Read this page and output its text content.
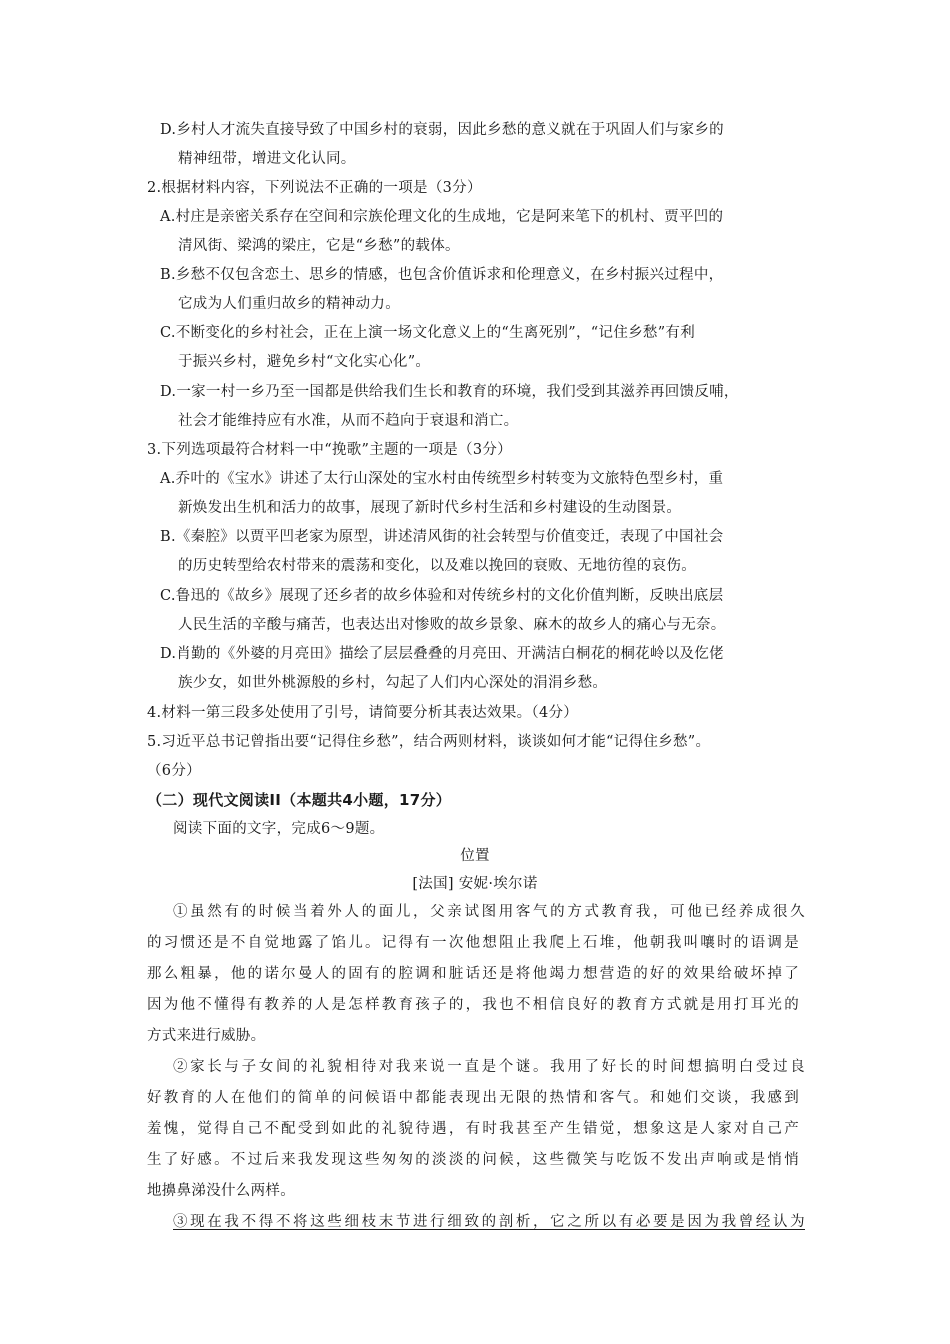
D.乡村人才流失直接导致了中国乡村的衰弱，因此乡愁的意义就在于巩固人们与家乡的
精神纽带，增进文化认同。
2.根据材料内容，下列说法不正确的一项是（3分）
A.村庄是亲密关系存在空间和宗族伦理文化的生成地，它是阿来笔下的机村、贾平凹的
清风街、梁鸿的梁庄，它是“乡愁”的载体。
B.乡愁不仅包含恋土、思乡的情感，也包含价值诉求和伦理意义，在乡村振兴过程中，
它成为人们重归故乡的精神动力。
C.不断变化的乡村社会，正在上演一场文化意义上的“生离死别”，“记住乡愁”有利
于振兴乡村，避免乡村“文化实心化”。
D.一家一村一乡乃至一国都是供给我们生长和教育的环境，我们受到其滋养再回馈反哺，
社会才能维持应有水准，从而不趋向于衰退和消亡。
3.下列选项最符合材料一中“挽歌”主题的一项是（3分）
A.乔叶的《宝水》讲述了太行山深处的宝水村由传统型乡村转变为文旅特色型乡村，重
新焕发出生机和活力的故事，展现了新时代乡村生活和乡村建设的生动图景。
B.《秦腔》以贾平凹老家为原型，讲述清风街的社会转型与价值变迁，表现了中国社会
的历史转型给农村带来的震荡和变化，以及难以挽回的衰败、无地彷徨的哀伤。
C.鲁迅的《故乡》展现了还乡者的故乡体验和对传统乡村的文化价值判断，反映出底层
人民生活的辛酸与痛苦，也表达出对惨败的故乡景象、麻木的故乡人的痛心与无奈。
D.肖勤的《外婆的月亮田》描绘了层层叠叠的月亮田、开满洁白桐花的桐花岭以及仡佬
族少女，如世外桃源般的乡村，勾起了人们内心深处的涓涓乡愁。
4.材料一第三段多处使用了引号，请简要分析其表达效果。（4分）
5.习近平总书记曾指出要“记得住乡愁”，结合两则材料，谈谈如何才能“记得住乡愁”。
（6分）
（二）现代文阅读II（本题共4小题，17分）
阅读下面的文字，完成6～9题。
位置
[法国] 安妮·埃尔诺
①虽然有的时候当着外人的面儿，父亲试图用客气的方式教育我，可他已经养成很久
的习惯还是不自觉地露了馅儿。记得有一次他想阻止我爬上石堆，他朝我叫嚷时的语调是
那么粗暴，他的诺尔曼人的固有的腔调和脏话还是将他竭力想营造的好的效果给破坏掉了
因为他不懂得有教养的人是怎样教育孩子的，我也不相信良好的教育方式就是用打耳光的
方式来进行威胁。
②家长与子女间的礼貌相待对我来说一直是个谜。我用了好长的时间想搞明白受过良
好教育的人在他们的简单的问候语中都能表现出无限的热情和客气。和她们交谈，我感到
羞愧，觉得自己不配受到如此的礼貌待遇，有时我甚至产生错觉，想象这是人家对自己产
生了好感。不过后来我发现这些匆匆的淡淡的问候，这些微笑与吃饭不发出声响或是悄悄
地擤鼻涕没什么两样。
③现在我不得不将这些细枝末节进行细致的剖析，它之所以有必要是因为我曾经认为
